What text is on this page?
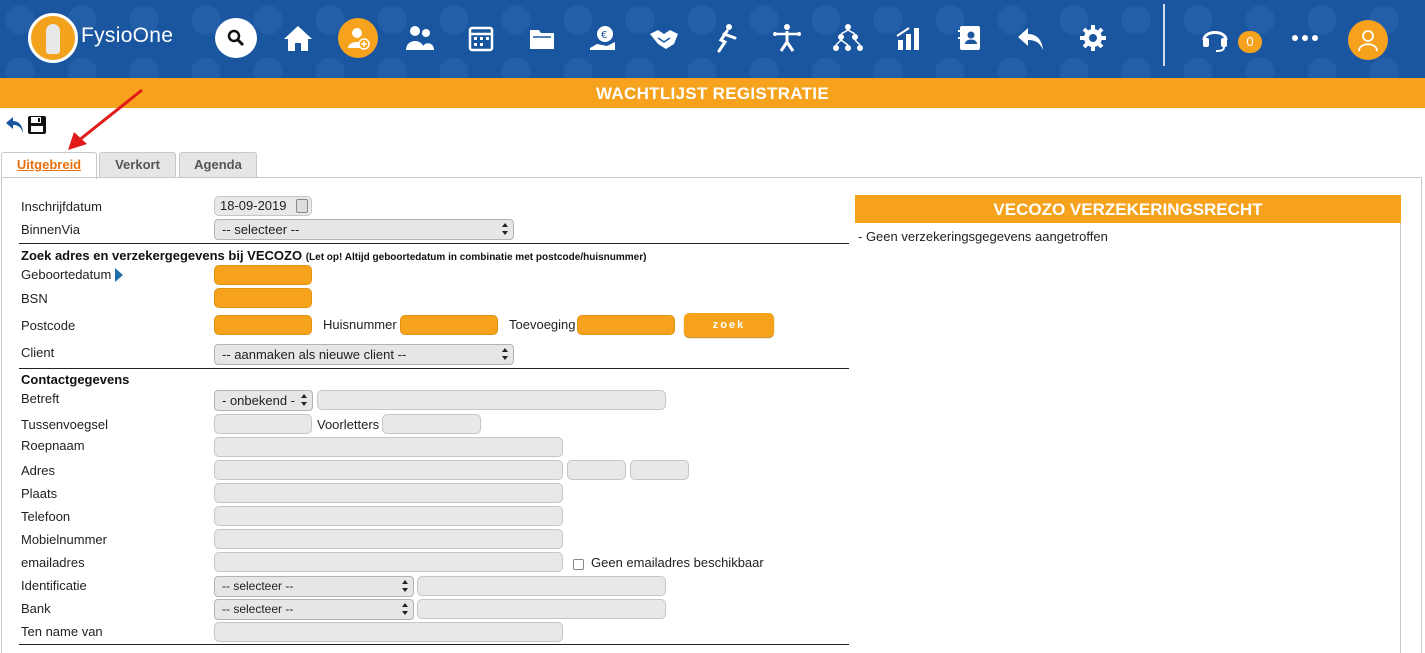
FysioOne	€	0
WACHTLIJST REGISTRATIE
Uitgebreid	Verkort	Agenda
Inschrijfdatum	18-09-2019
BinnenVia	-- selecteer --
Zoek adres en verzekergegevens bij VECOZO (Let op! Altijd geboortedatum in combinatie met postcode/huisnummer)
Geboortedatum
BSN
Postcode	Huisnummer	Toevoeging	zoek
Client	-- aanmaken als nieuwe client --
Contactgegevens
Betreft	- onbekend -
Tussenvoegsel	Voorletters
Roepnaam
Adres
Plaats
Telefoon
Mobielnummer
emailadres	Geen emailadres beschikbaar
Identificatie	-- selecteer --
Bank	-- selecteer --
Ten name van
VECOZO VERZEKERINGSRECHT
- Geen verzekeringsgegevens aangetroffen
